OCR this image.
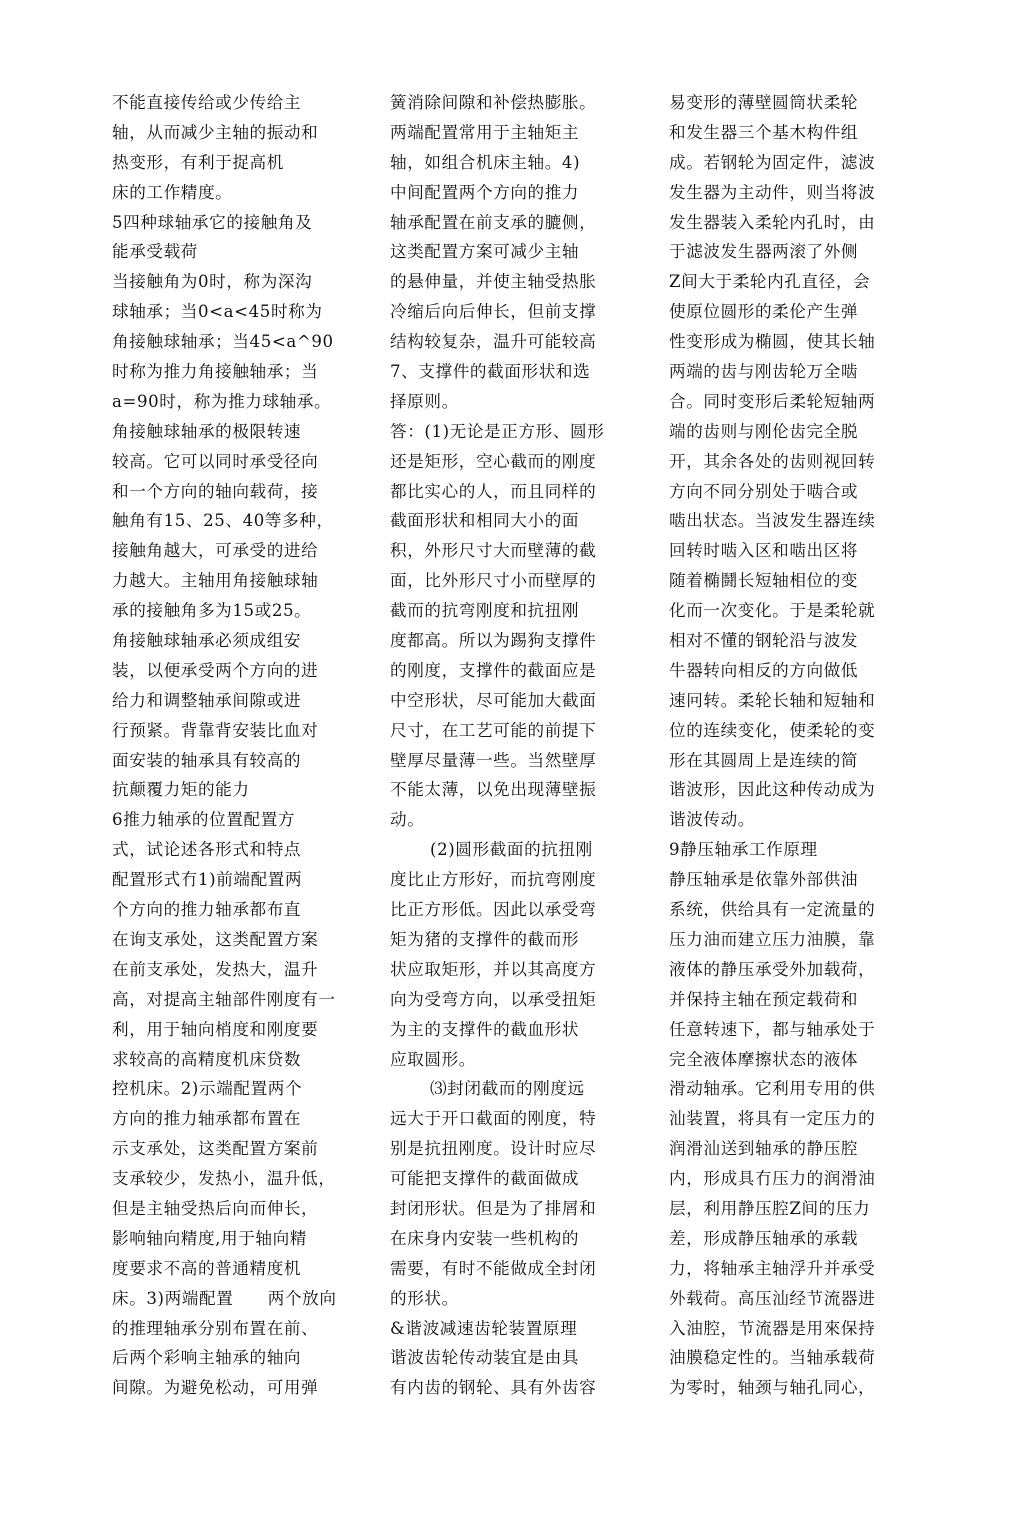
不能直接传给或少传给主
轴，从而减少主轴的振动和
热变形，有利于捉高机
床的工作精度。
5四种球轴承它的接触角及
能承受载荷
当接触角为0时，称为深沟
球轴承；当0<a<45时称为
角接触球轴承；当45<a^90
时称为推力角接触轴承；当
a=90时，称为推力球轴承。
角接触球轴承的极限转速
较高。它可以同时承受径向
和一个方向的轴向载荷，接
触角有15、25、40等多种，
接触角越大，可承受的进给
力越大。主轴用角接触球轴
承的接触角多为15或25。
角接触球轴承必须成组安
装，以便承受两个方向的进
给力和调整轴承间隙或进
行预紧。背靠背安装比血对
面安装的轴承具有较高的
抗颠覆力矩的能力
6推力轴承的位置配置方
式，试论述各形式和特点
配置形式冇1)前端配置两
个方向的推力轴承都布直
在询支承处，这类配置方案
在前支承处，发热大，温升
高，对提高主轴部件刚度有一
利，用于轴向梢度和刚度要
求较高的高精度机床贷数
控机床。2)示端配置两个
方向的推力轴承都布置在
示支承处，这类配置方案前
支承较少，发热小，温升低，
但是主轴受热后向而伸长，
影响轴向精度,用于轴向精
度要求不高的普通精度机
床。3)两端配置　　两个放向
的推理轴承分别布置在前、
后两个彩响主轴承的轴向
间隙。为避免松动，可用弹
簧消除间隙和补偿热膨胀。
两端配置常用于主轴矩主
轴，如组合机床主轴。4)
中间配置两个方向的推力
轴承配置在前支承的膔侧，
这类配置方案可减少主轴
的悬伸量，并使主轴受热胀
冷缩后向后伸长，但前支撑
结构较复杂，温升可能较高
7、支撑件的截面形状和选
择原则。
答：(1)无论是正方形、圆形
还是矩形，空心截而的刚度
都比实心的人，而且同样的
截面形状和相同大小的面
积，外形尺寸大而壁薄的截
面，比外形尺寸小而壁厚的
截而的抗弯刚度和抗扭刚
度都高。所以为踢狗支撑件
的刚度，支撑件的截面应是
中空形状，尽可能加大截面
尺寸，在工艺可能的前提下
壁厚尽量薄一些。当然壁厚
不能太薄，以免出现薄壁振
动。
(2)圆形截面的抗扭刚
度比止方形好，而抗弯刚度
比正方形低。因此以承受弯
矩为猪的支撑件的截而形
状应取矩形，并以其高度方
向为受弯方向，以承受扭矩
为主的支撑件的截血形状
应取圆形。
⑶封闭截而的刚度远
远大于开口截面的刚度，特
别是抗扭刚度。设计时应尽
可能把支撑件的截面做成
封闭形状。但是为了排屑和
在床身内安装一些机构的
需要，有时不能做成全封闭
的形状。
&谐波减速齿轮装置原理
谐波齿轮传动装宜是由具
有内齿的钢轮、具有外齿容
易变形的薄壁圆筒状柔轮
和发生器三个基木构件组
成。若钢轮为固定件，滤波
发生器为主动件，则当将波
发生器装入柔轮内孔时，由
于滤波发生器两滚了外侧
Z间大于柔轮内孔直径，会
使原位圆形的柔伦产生弹
性变形成为椭圆，使其长轴
两端的齿与刚齿轮万全啮
合。同时变形后柔轮短轴两
端的齿则与刚伦齿完全脱
开，其余各处的齿则视回转
方向不同分别处于啮合或
啮出状态。当波发生器连续
回转时啮入区和啮出区将
随着椭鬪长短轴相位的变
化而一次变化。于是柔轮就
相对不懂的钢轮沿与波发
牛器转向相反的方向做低
速冋转。柔轮长轴和短轴和
位的连续变化，使柔轮的变
形在其圆周上是连续的简
谐波形，因此这种传动成为
谐波传动。
9静压轴承工作原理
静压轴承是依靠外部供油
系统，供给具有一定流量的
压力油而建立压力油膜，靠
液体的静压承受外加载荷，
并保持主轴在预定载荷和
任意转速下，都与轴承处于
完全液体摩擦状态的液体
滑动轴承。它利用专用的供
汕装置，将具有一定压力的
润滑汕送到轴承的静压腔
内，形成具冇压力的润滑油
层，利用静压腔Z间的压力
差，形成静压轴承的承载
力，将轴承主轴浮升并承受
外载荷。高压汕经节流器进
入油腔，节流器是用來保持
油膜稳定性的。当轴承载荷
为零时，轴颈与轴孔同心，
